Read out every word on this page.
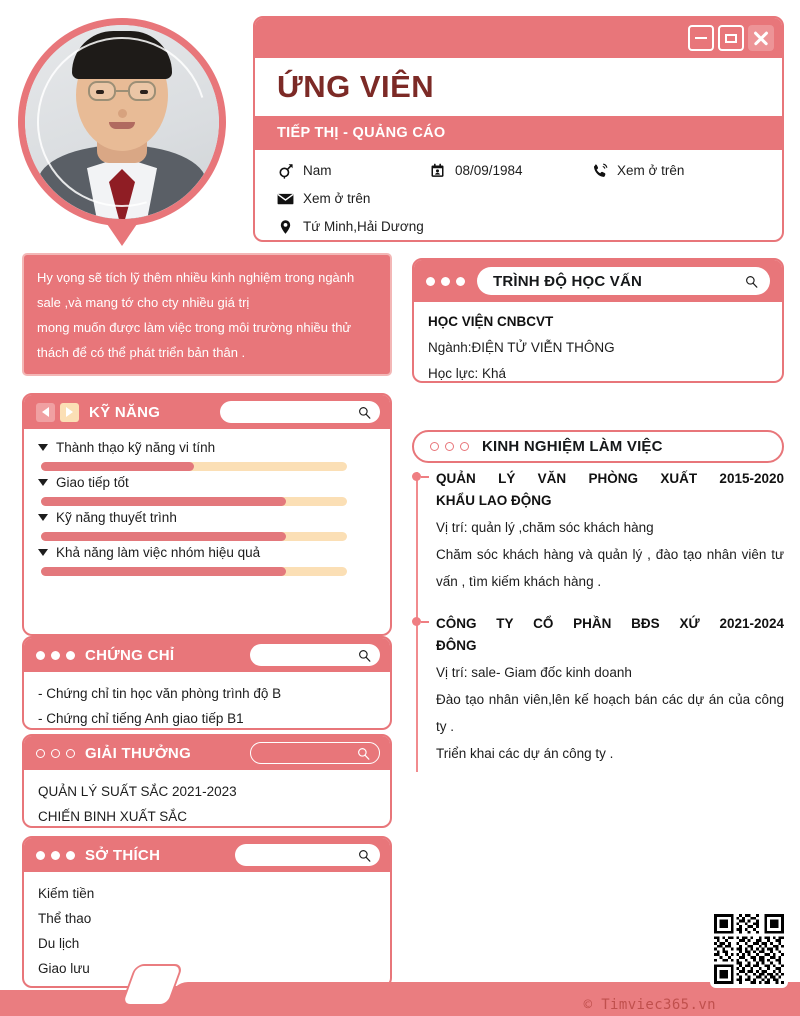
ỨNG VIÊN
TIẾP THỊ - QUẢNG CÁO
Nam	08/09/1984	Xem ở trên
Xem ở trên
Tứ Minh,Hải Dương

Hy vọng sẽ tích lỹ thêm nhiều kinh nghiệm trong ngành

sale ,và mang tớ cho cty nhiều giá trị

mong muốn được làm việc trong môi trường nhiều thử

thách để có thể phát triển bản thân .

KỸ NĂNG
Thành thạo kỹ năng vi tính
Giao tiếp tốt
Kỹ năng thuyết trình
Khả năng làm việc nhóm hiệu quả
CHỨNG CHỈ
- Chứng chỉ tin học văn phòng trình độ B
- Chứng chỉ tiếng Anh giao tiếp B1
GIẢI THƯỞNG
QUẢN LÝ SUẤT SẮC 2021-2023
CHIẾN BINH XUẤT SẮC
SỞ THÍCH
Kiếm tiền
Thể thao
Du lịch
Giao lưu
TRÌNH ĐỘ HỌC VẤN
HỌC VIỆN CNBCVT
Ngành:ĐIỆN TỬ VIỄN THÔNG
Học lực: Khá
KINH NGHIỆM LÀM VIỆC
QUẢN LÝ VĂN PHÒNG XUẤT 2015-2020
KHẨU LAO ĐỘNG
Vị trí: quản lý ,chăm sóc khách hàng
Chăm sóc khách hàng và quản lý , đào tạo nhân viên tư vấn , tìm kiếm khách hàng .
CÔNG TY CỔ PHẦN BĐS XỨ 2021-2024
ĐÔNG
Vị trí: sale- Giam đốc kinh doanh
Đào tạo nhân viên,lên kế hoạch bán các dự án của công ty .
Triển khai các dự án công ty .
© Timviec365.vn
